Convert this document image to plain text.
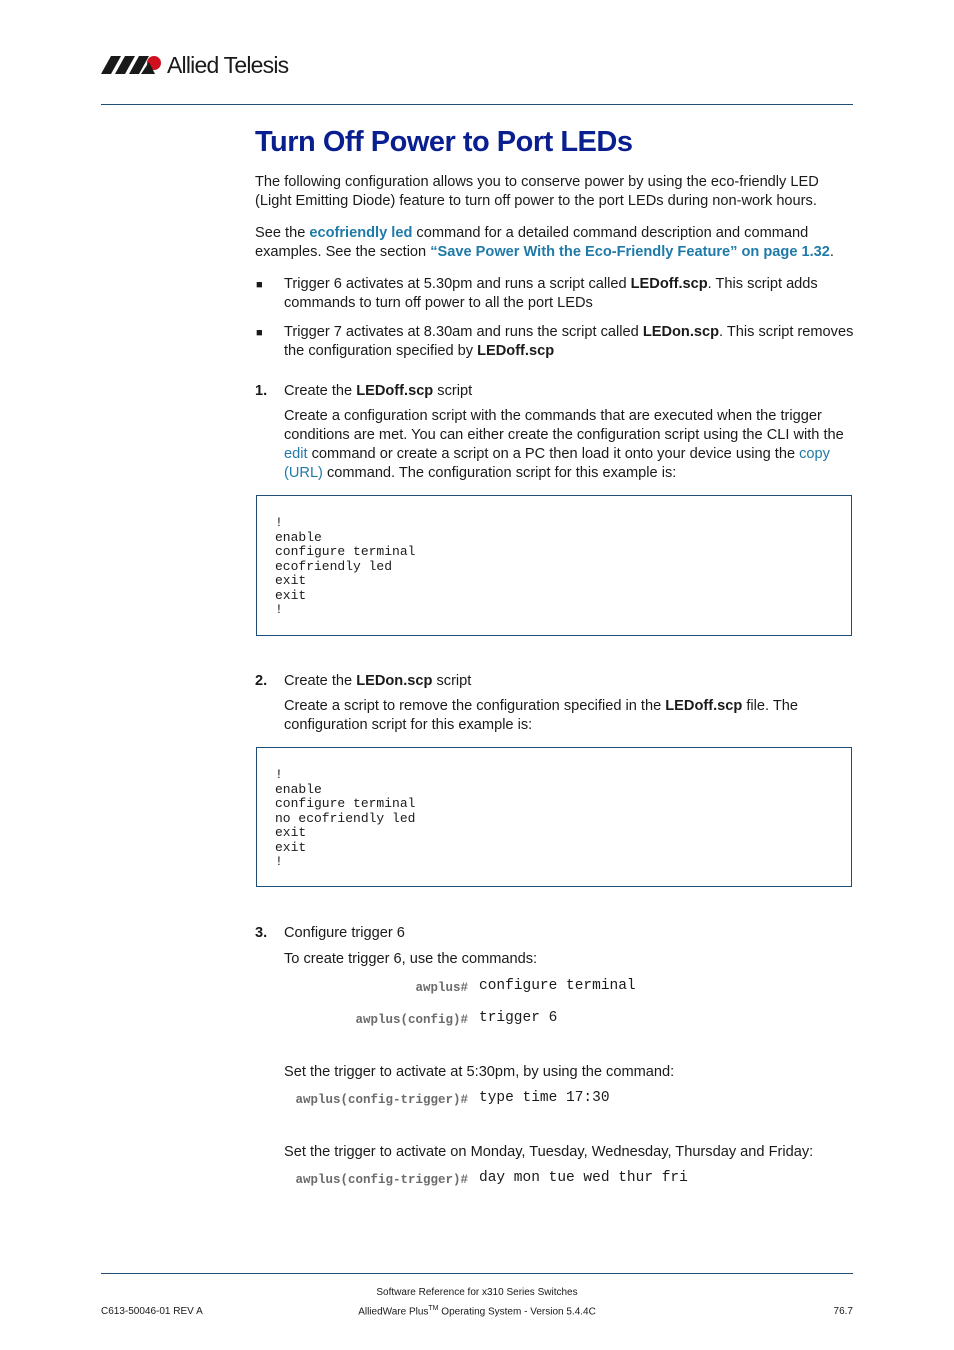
Allied Telesis
Turn Off Power to Port LEDs

The following configuration allows you to conserve power by using the eco-friendly LED (Light Emitting Diode) feature to turn off power to the port LEDs during non-work hours.

See the ecofriendly led command for a detailed command description and command examples. See the section “Save Power With the Eco-Friendly Feature” on page 1.32.

■ Trigger 6 activates at 5.30pm and runs a script called LEDoff.scp. This script adds commands to turn off power to all the port LEDs

■ Trigger 7 activates at 8.30am and runs the script called LEDon.scp. This script removes the configuration specified by LEDoff.scp

1. Create the LEDoff.scp script

Create a configuration script with the commands that are executed when the trigger conditions are met. You can either create the configuration script using the CLI with the edit command or create a script on a PC then load it onto your device using the copy (URL) command. The configuration script for this example is:

!
enable
configure terminal
ecofriendly led
exit
exit
!
2. Create the LEDon.scp script

Create a script to remove the configuration specified in the LEDoff.scp file. The configuration script for this example is:

!
enable
configure terminal
no ecofriendly led
exit
exit
!
3. Configure trigger 6

To create trigger 6, use the commands:

awplus# configure terminal
awplus(config)# trigger 6

Set the trigger to activate at 5:30pm, by using the command:

awplus(config-trigger)# type time 17:30

Set the trigger to activate on Monday, Tuesday, Wednesday, Thursday and Friday:

awplus(config-trigger)# day mon tue wed thur fri
Software Reference for x310 Series Switches
AlliedWare Plus™ Operating System - Version 5.4.4C
C613-50046-01 REV A	76.7
